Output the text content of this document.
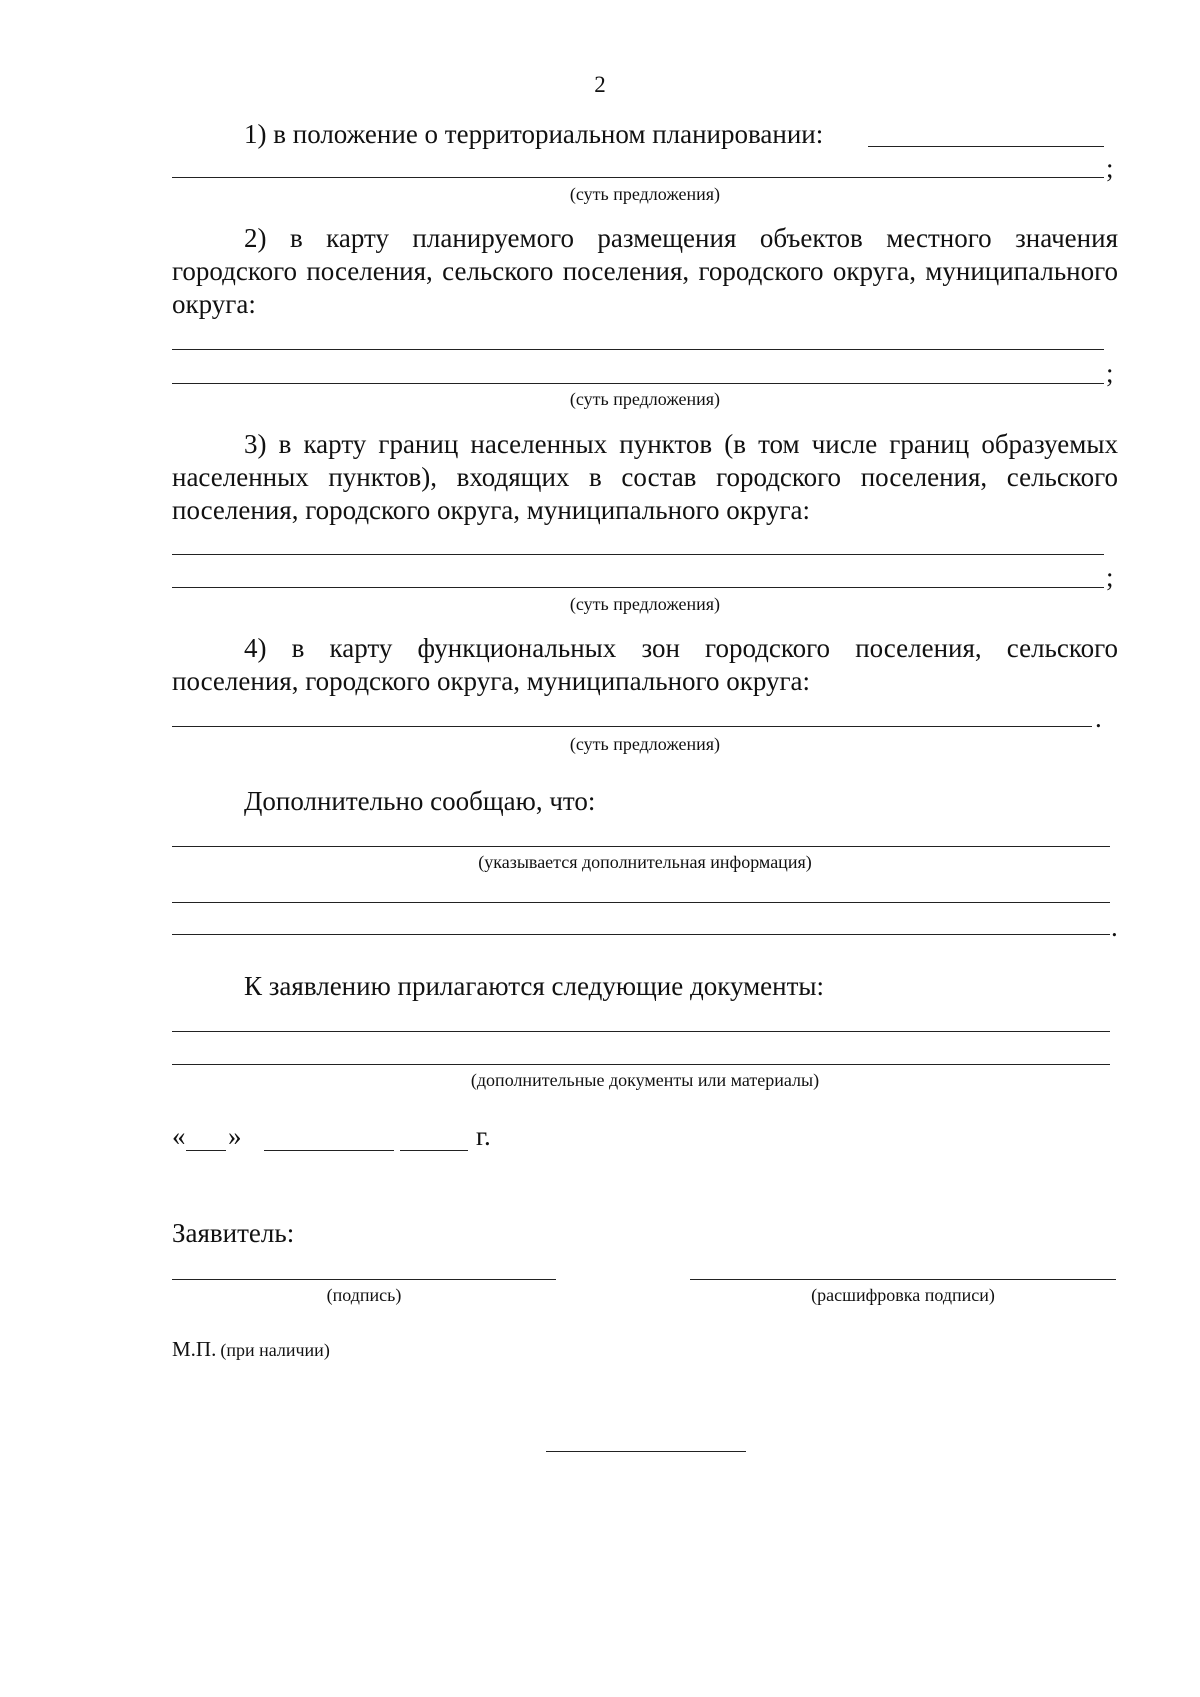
2
1) в положение о территориальном планировании:
;
(суть предложения)
2) в карту планируемого размещения объектов местного значения городского поселения, сельского поселения, городского округа, муниципального округа:
;
(суть предложения)
3) в карту границ населенных пунктов (в том числе границ образуемых населенных пунктов), входящих в состав городского поселения, сельского поселения, городского округа, муниципального округа:
;
(суть предложения)
4) в карту функциональных зон городского поселения, сельского поселения, городского округа, муниципального округа:
.
(суть предложения)
Дополнительно сообщаю, что:
(указывается дополнительная информация)
.
К заявлению прилагаются следующие документы:
(дополнительные документы или материалы)
« »	г.
Заявитель:
(подпись)	(расшифровка подписи)
М.П. (при наличии)
